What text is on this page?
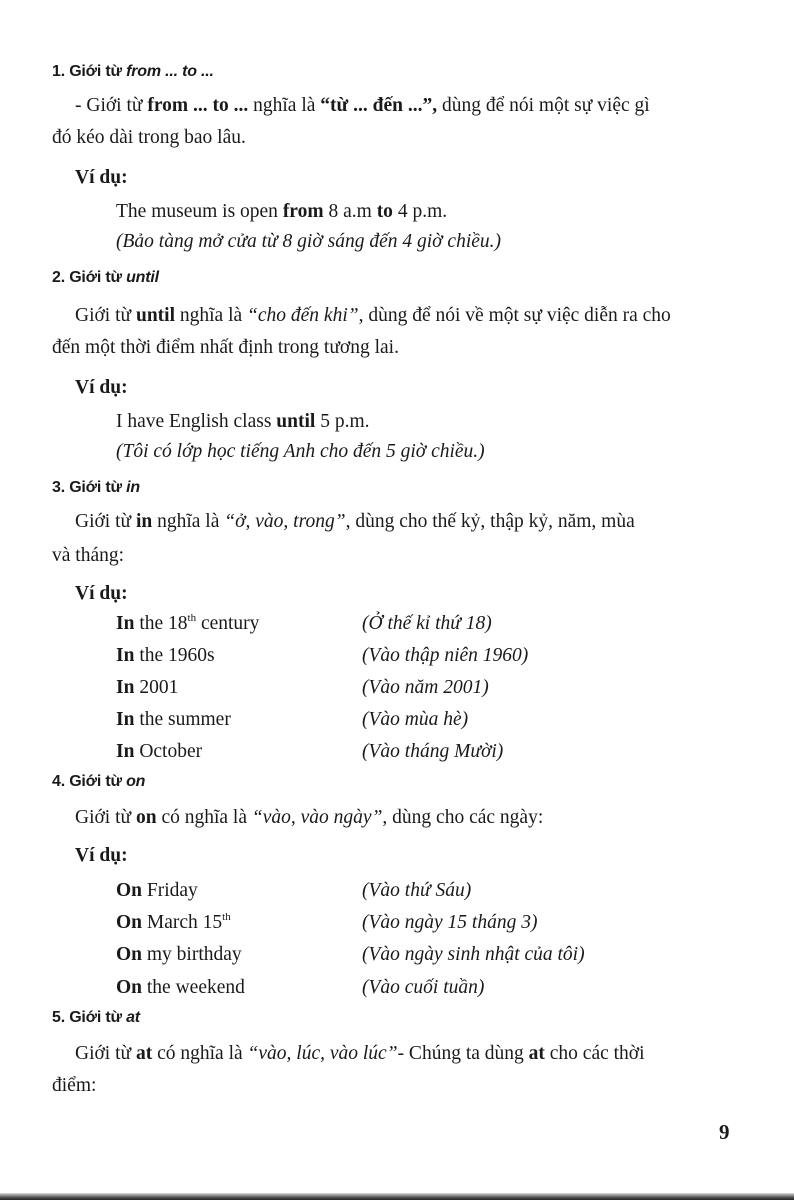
1. Giới từ from ... to ...
- Giới từ from ... to ... nghĩa là “từ ... đến ...”, dùng để nói một sự việc gì
đó kéo dài trong bao lâu.
Ví dụ:
The museum is open from 8 a.m to 4 p.m.
(Bảo tàng mở cửa từ 8 giờ sáng đến 4 giờ chiều.)
2. Giới từ until
Giới từ until nghĩa là “cho đến khi”, dùng để nói về một sự việc diễn ra cho
đến một thời điểm nhất định trong tương lai.
Ví dụ:
I have English class until 5 p.m.
(Tôi có lớp học tiếng Anh cho đến 5 giờ chiều.)
3. Giới từ in
Giới từ in nghĩa là “ở, vào, trong”, dùng cho thế kỷ, thập kỷ, năm, mùa
và tháng:
Ví dụ:
In the 18th century	(Ở thế kỉ thứ 18)
In the 1960s	(Vào thập niên 1960)
In 2001	(Vào năm 2001)
In the summer	(Vào mùa hè)
In October	(Vào tháng Mười)
4. Giới từ on
Giới từ on có nghĩa là “vào, vào ngày”, dùng cho các ngày:
Ví dụ:
On Friday	(Vào thứ Sáu)
On March 15th	(Vào ngày 15 tháng 3)
On my birthday	(Vào ngày sinh nhật của tôi)
On the weekend	(Vào cuối tuần)
5. Giới từ at
Giới từ at có nghĩa là “vào, lúc, vào lúc”- Chúng ta dùng at cho các thời
điểm:
9
